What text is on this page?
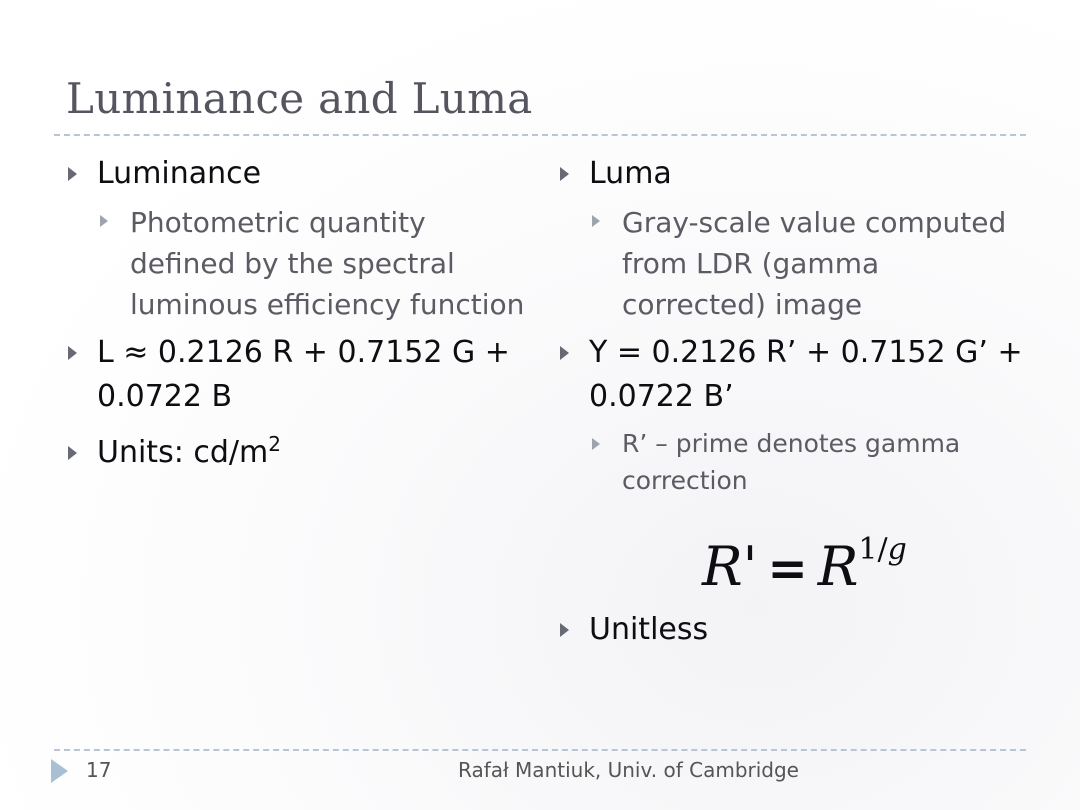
Luminance and Luma
Luminance
Photometric quantity defined by the spectral luminous efficiency function
L ≈ 0.2126 R + 0.7152 G + 0.0722 B
Units: $cd/m^2$
Luma
Gray-scale value computed from LDR (gamma corrected) image
Y = 0.2126 R’ + 0.7152 G’ + 0.0722 B’
R’ – prime denotes gamma correction
$R' = R^{1/g}$
Unitless
17	Rafał Mantiuk, Univ. of Cambridge
